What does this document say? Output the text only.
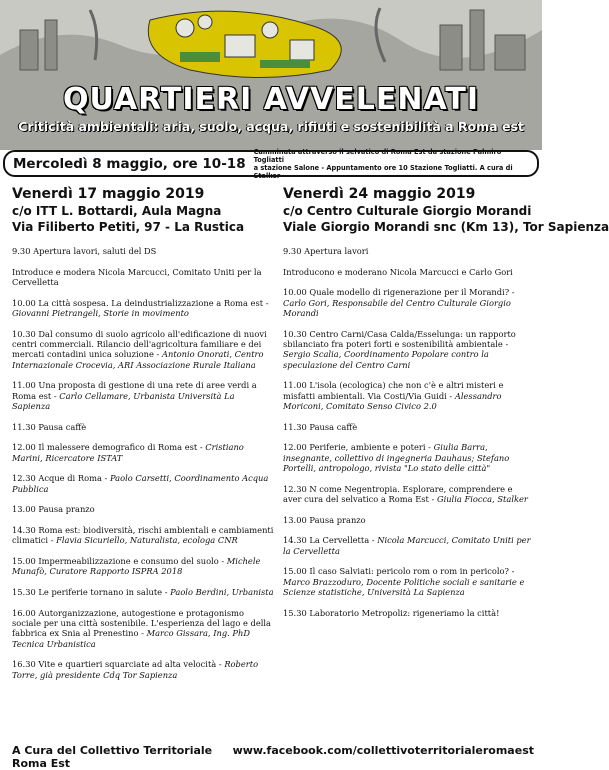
QUARTIERI AVVELENATI
Criticità ambientali: aria, suolo, acqua, rifiuti e sostenibilità a Roma est
Mercoledì 8 maggio, ore 10-18
Camminata attraverso il selvatico di Roma Est da stazione Palmiro Togliatti
a stazione Salone - Appuntamento ore 10 Stazione Togliatti. A cura di Stalker
Venerdì 17 maggio 2019
c/o ITT L. Bottardi, Aula Magna
Via Filiberto Petiti, 97 - La Rustica
9.30 Apertura lavori, saluti del DS
Introduce e modera Nicola Marcucci, Comitato Uniti per la Cervelletta
10.00 La città sospesa. La deindustrializzazione a Roma est - Giovanni Pietrangeli, Storie in movimento
10.30 Dal consumo di suolo agricolo all'edificazione di nuovi centri commerciali. Rilancio dell'agricoltura familiare e dei mercati contadini unica soluzione - Antonio Onorati, Centro Internazionale Crocevia, ARI Associazione Rurale Italiana
11.00 Una proposta di gestione di una rete di aree verdi a Roma est - Carlo Cellamare, Urbanista Università La Sapienza
11.30 Pausa caffè
12.00 Il malessere demografico di Roma est - Cristiano Marini, Ricercatore ISTAT
12.30 Acque di Roma - Paolo Carsetti, Coordinamento Acqua Pubblica
13.00 Pausa pranzo
14.30 Roma est: biodiversità, rischi ambientali e cambiamenti climatici - Flavia Sicuriello, Naturalista, ecologa CNR
15.00 Impermeabilizzazione e consumo del suolo - Michele Munafò, Curatore Rapporto ISPRA 2018
15.30 Le periferie tornano in salute - Paolo Berdini, Urbanista
16.00 Autorganizzazione, autogestione e protagonismo sociale per una città sostenibile. L'esperienza del lago e della fabbrica ex Snia al Prenestino - Marco Gissara, Ing. PhD Tecnica Urbanistica
16.30 Vite e quartieri squarciate ad alta velocità - Roberto Torre, già presidente Cdq Tor Sapienza
Venerdì 24 maggio 2019
c/o Centro Culturale Giorgio Morandi
Viale Giorgio Morandi snc (Km 13), Tor Sapienza
9.30 Apertura lavori
Introducono e moderano Nicola Marcucci e Carlo Gori
10.00 Quale modello di rigenerazione per il Morandi? - Carlo Gori, Responsabile del Centro Culturale Giorgio Morandi
10.30 Centro Carni/Casa Calda/Esselunga: un rapporto sbilanciato fra poteri forti e sostenibilità ambientale - Sergio Scalia, Coordinamento Popolare contro la speculazione del Centro Carni
11.00 L'isola (ecologica) che non c'è e altri misteri e misfatti ambientali. Via Costi/Via Guidi - Alessandro Moriconi, Comitato Senso Civico 2.0
11.30 Pausa caffè
12.00 Periferie, ambiente e poteri - Giulia Barra, insegnante, collettivo di ingegneria Dauhaus; Stefano Portelli, antropologo, rivista "Lo stato delle città"
12.30 N come Negentropia. Esplorare, comprendere e aver cura del selvatico a Roma Est - Giulia Fiocca, Stalker
13.00 Pausa pranzo
14.30 La Cervelletta - Nicola Marcucci, Comitato Uniti per la Cervelletta
15.00 Il caso Salviati: pericolo rom o rom in pericolo? - Marco Brazzoduro, Docente Politiche sociali e sanitarie e Scienze statistiche, Università La Sapienza
15.30 Laboratorio Metropoliz: rigeneriamo la città!
A Cura del Collettivo Territoriale Roma Est
www.facebook.com/collettivoterritorialeromaest
